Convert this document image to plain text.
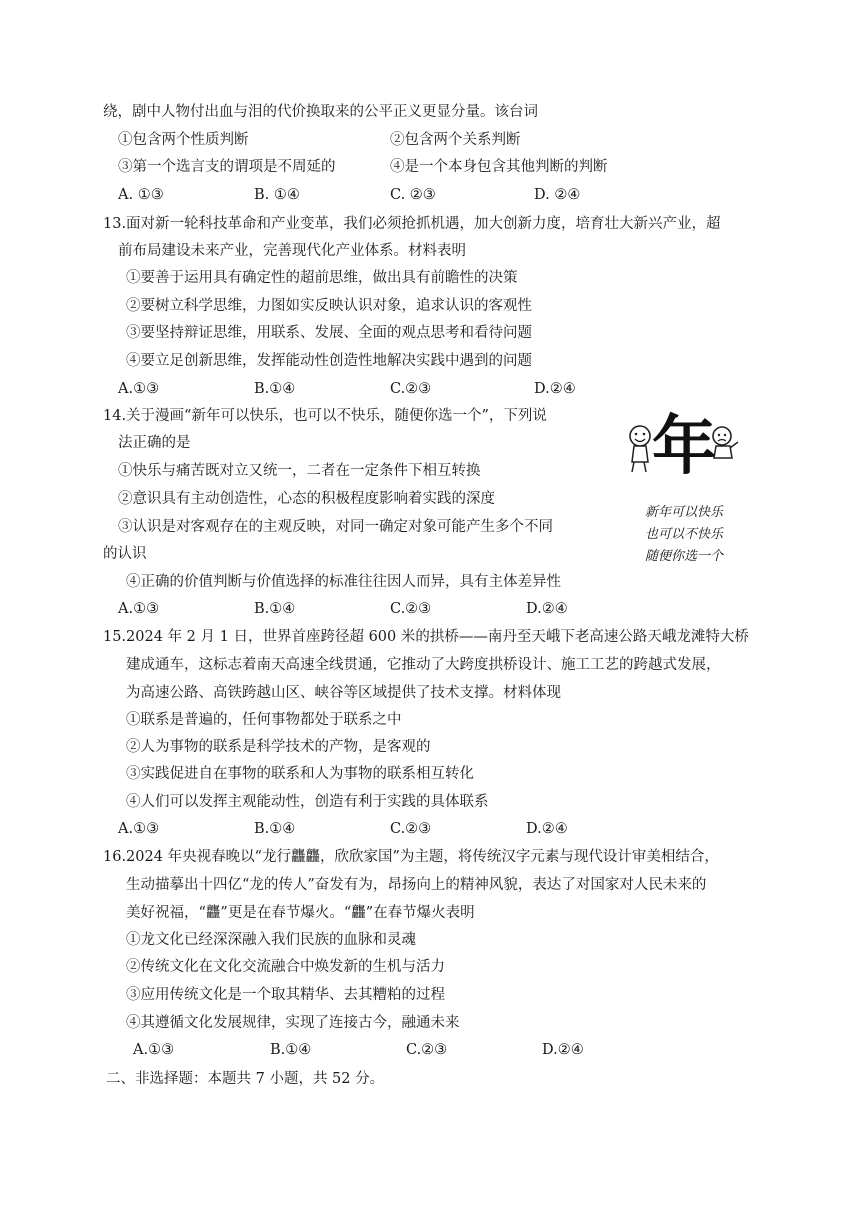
绕，剧中人物付出血与泪的代价换取来的公平正义更显分量。该台词
①包含两个性质判断	②包含两个关系判断
③第一个选言支的谓项是不周延的	④是一个本身包含其他判断的判断
A. ①③	B. ①④	C. ②③	D. ②④
13.面对新一轮科技革命和产业变革，我们必须抢抓机遇，加大创新力度，培育壮大新兴产业，超
前布局建设未来产业，完善现代化产业体系。材料表明
①要善于运用具有确定性的超前思维，做出具有前瞻性的决策
②要树立科学思维，力图如实反映认识对象，追求认识的客观性
③要坚持辩证思维，用联系、发展、全面的观点思考和看待问题
④要立足创新思维，发挥能动性创造性地解决实践中遇到的问题
A.①③	B.①④	C.②③	D.②④
14.关于漫画“新年可以快乐，也可以不快乐，随便你选一个”，下列说
法正确的是
①快乐与痛苦既对立又统一，二者在一定条件下相互转换
②意识具有主动创造性，心态的积极程度影响着实践的深度
③认识是对客观存在的主观反映，对同一确定对象可能产生多个不同
的认识
④正确的价值判断与价值选择的标准往往因人而异，具有主体差异性
A.①③	B.①④	C.②③	D.②④
年
新年可以快乐
也可以不快乐
随便你选一个
15.2024 年 2 月 1 日，世界首座跨径超 600 米的拱桥——南丹至天峨下老高速公路天峨龙滩特大桥
建成通车，这标志着南天高速全线贯通，它推动了大跨度拱桥设计、施工工艺的跨越式发展，
为高速公路、高铁跨越山区、峡谷等区域提供了技术支撑。材料体现
①联系是普遍的，任何事物都处于联系之中
②人为事物的联系是科学技术的产物，是客观的
③实践促进自在事物的联系和人为事物的联系相互转化
④人们可以发挥主观能动性，创造有利于实践的具体联系
A.①③	B.①④	C.②③	D.②④
16.2024 年央视春晚以“龙行龘龘，欣欣家国”为主题，将传统汉字元素与现代设计审美相结合，
生动描摹出十四亿“龙的传人”奋发有为，昂扬向上的精神风貌，表达了对国家对人民未来的
美好祝福，“龘”更是在春节爆火。“龘”在春节爆火表明
①龙文化已经深深融入我们民族的血脉和灵魂
②传统文化在文化交流融合中焕发新的生机与活力
③应用传统文化是一个取其精华、去其糟粕的过程
④其遵循文化发展规律，实现了连接古今，融通未来
A.①③	B.①④	C.②③	D.②④
二、非选择题：本题共 7 小题，共 52 分。
